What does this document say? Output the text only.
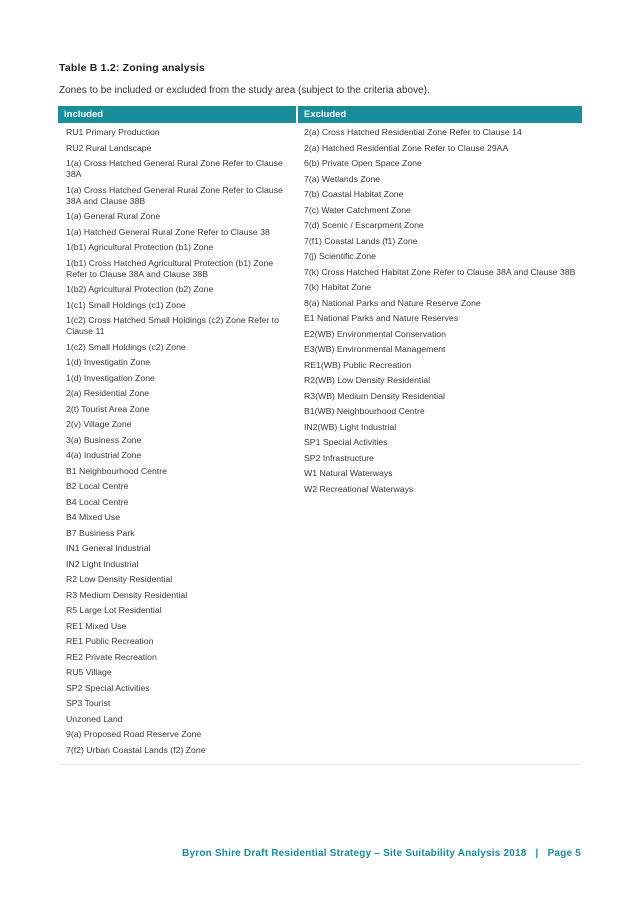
Table B 1.2: Zoning analysis
Zones to be included or excluded from the study area (subject to the criteria above).
Included	Excluded
RU1 Primary Production
RU2 Rural Landscape
1(a) Cross Hatched General Rural Zone Refer to Clause 38A
1(a) Cross Hatched General Rural Zone Refer to Clause 38A and Clause 38B
1(a) General Rural Zone
1(a) Hatched General Rural Zone Refer to Clause 38
1(b1) Agricultural Protection (b1) Zone
1(b1) Cross Hatched Agricultural Protection (b1) Zone Refer to Clause 38A and Clause 38B
1(b2) Agricultural Protection (b2) Zone
1(c1) Small Holdings (c1) Zone
1(c2) Cross Hatched Small Holdings (c2) Zone Refer to Clause 11
1(c2) Small Holdings (c2) Zone
1(d) Investigatin Zone
1(d) Investigation Zone
2(a) Residential Zone
2(t) Tourist Area Zone
2(v) Village Zone
3(a) Business Zone
4(a) Industrial Zone
B1 Neighbourhood Centre
B2 Local Centre
B4 Local Centre
B4 Mixed Use
B7 Business Park
IN1 General Industrial
IN2 Light Industrial
R2 Low Density Residential
R3 Medium Density Residential
R5 Large Lot Residential
RE1 Mixed Use
RE1 Public Recreation
RE2 Private Recreation
RU5 Village
SP2 Special Activities
SP3 Tourist
Unzoned Land
9(a) Proposed Road Reserve Zone
7(f2) Urban Coastal Lands (f2) Zone
2(a) Cross Hatched Residential Zone Refer to Clause 14
2(a) Hatched Residential Zone Refer to Clause 29AA
6(b) Private Open Space Zone
7(a) Wetlands Zone
7(b) Coastal Habitat Zone
7(c) Water Catchment Zone
7(d) Scenic / Escarpment Zone
7(f1) Coastal Lands (f1) Zone
7(j) Scientific Zone
7(k) Cross Hatched Habitat Zone Refer to Clause 38A and Clause 38B
7(k) Habitat Zone
8(a) National Parks and Nature Reserve Zone
E1 National Parks and Nature Reserves
E2(WB) Environmental Conservation
E3(WB) Environmental Management
RE1(WB) Public Recreation
R2(WB) Low Density Residential
R3(WB) Medium Density Residential
B1(WB) Neighbourhood Centre
IN2(WB) Light Industrial
SP1 Special Activities
SP2 Infrastructure
W1 Natural Waterways
W2 Recreational Waterways
Byron Shire Draft Residential Strategy – Site Suitability Analysis 2018 | Page 5
